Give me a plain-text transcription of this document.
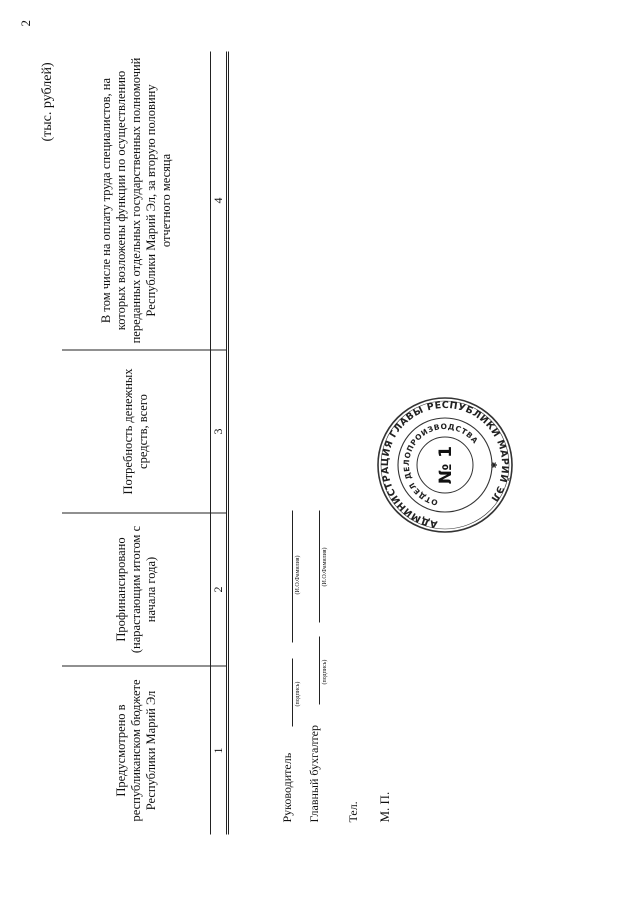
2
(тыс. рублей)
Предусмотрено в республиканском бюджете Республики Марий Эл	Профинансировано (нарастающим итогом с начала года)	Потребность денежных средств, всего	В том числе на оплату труда специалистов, на которых возложены функции по осуществлению переданных отдельных государственных полномочий Республики Марий Эл, за вторую половину отчетного месяца
1	2	3	4
Руководитель
(подпись)
(И.О.Фамилия)
Главный бухгалтер
(подпись)
(И.О.Фамилия)
Тел. М. П.
АДМИНИСТРАЦИЯ ГЛАВЫ РЕСПУБЛИКИ МАРИЙ ЭЛ
ОТДЕЛ ДЕЛОПРОИЗВОДСТВА
№ 1	✱
